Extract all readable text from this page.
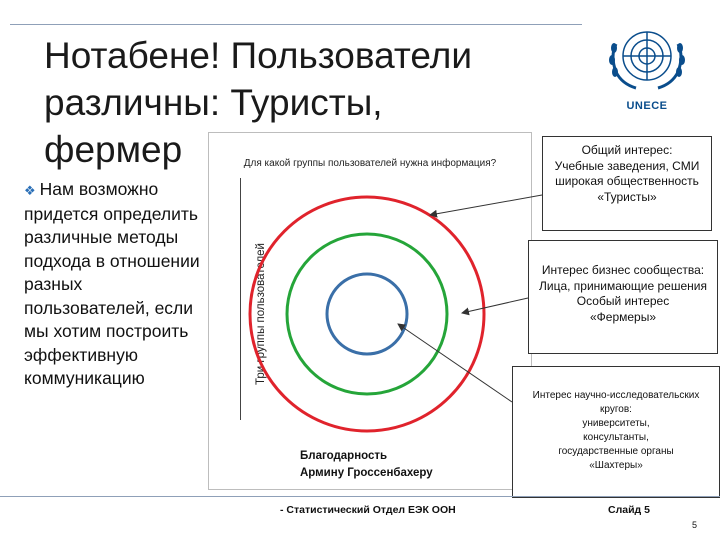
Нотабене! Пользователи
различны: Туристы,
фермер
UNECE
❖ Нам возможно придется определить различные методы подхода в отношении разных пользователей, если мы хотим построить эффективную коммуникацию
Для какой группы пользователей нужна информация?
Три группы пользователей
Благодарность
Армину Гроссенбахеру
Общий интерес:
Учебные заведения, СМИ
широкая общественность
«Туристы»
Интерес бизнес сообщества:
Лица, принимающие решения
Особый интерес
«Фермеры»
Интерес научно-исследовательских
кругов:
университеты,
консультанты,
государственные органы
«Шахтеры»
- Статистический Отдел ЕЭК ООН	Слайд 5
5
